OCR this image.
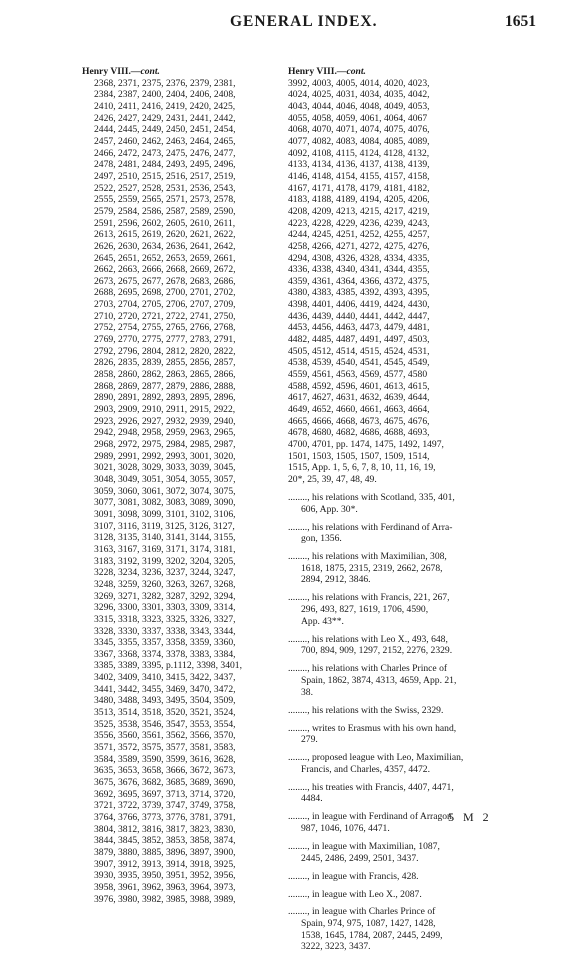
GENERAL INDEX.	1651
Henry VIII.—cont.
2368, 2371, 2375, 2376, 2379, 2381,
2384, 2387, 2400, 2404, 2406, 2408,
2410, 2411, 2416, 2419, 2420, 2425,
2426, 2427, 2429, 2431, 2441, 2442,
2444, 2445, 2449, 2450, 2451, 2454,
2457, 2460, 2462, 2463, 2464, 2465,
2466, 2472, 2473, 2475, 2476, 2477,
2478, 2481, 2484, 2493, 2495, 2496,
2497, 2510, 2515, 2516, 2517, 2519,
2522, 2527, 2528, 2531, 2536, 2543,
2555, 2559, 2565, 2571, 2573, 2578,
2579, 2584, 2586, 2587, 2589, 2590,
2591, 2596, 2602, 2605, 2610, 2611,
2613, 2615, 2619, 2620, 2621, 2622,
2626, 2630, 2634, 2636, 2641, 2642,
2645, 2651, 2652, 2653, 2659, 2661,
2662, 2663, 2666, 2668, 2669, 2672,
2673, 2675, 2677, 2678, 2683, 2686,
2688, 2695, 2698, 2700, 2701, 2702,
2703, 2704, 2705, 2706, 2707, 2709,
2710, 2720, 2721, 2722, 2741, 2750,
2752, 2754, 2755, 2765, 2766, 2768,
2769, 2770, 2775, 2777, 2783, 2791,
2792, 2796, 2804, 2812, 2820, 2822,
2826, 2835, 2839, 2855, 2856, 2857,
2858, 2860, 2862, 2863, 2865, 2866,
2868, 2869, 2877, 2879, 2886, 2888,
2890, 2891, 2892, 2893, 2895, 2896,
2903, 2909, 2910, 2911, 2915, 2922,
2923, 2926, 2927, 2932, 2939, 2940,
2942, 2948, 2958, 2959, 2963, 2965,
2968, 2972, 2975, 2984, 2985, 2987,
2989, 2991, 2992, 2993, 3001, 3020,
3021, 3028, 3029, 3033, 3039, 3045,
3048, 3049, 3051, 3054, 3055, 3057,
3059, 3060, 3061, 3072, 3074, 3075,
3077, 3081, 3082, 3083, 3089, 3090,
3091, 3098, 3099, 3101, 3102, 3106,
3107, 3116, 3119, 3125, 3126, 3127,
3128, 3135, 3140, 3141, 3144, 3155,
3163, 3167, 3169, 3171, 3174, 3181,
3183, 3192, 3199, 3202, 3204, 3205,
3228, 3234, 3236, 3237, 3244, 3247,
3248, 3259, 3260, 3263, 3267, 3268,
3269, 3271, 3282, 3287, 3292, 3294,
3296, 3300, 3301, 3303, 3309, 3314,
3315, 3318, 3323, 3325, 3326, 3327,
3328, 3330, 3337, 3338, 3343, 3344,
3345, 3355, 3357, 3358, 3359, 3360,
3367, 3368, 3374, 3378, 3383, 3384,
3385, 3389, 3395, p.1112, 3398, 3401,
3402, 3409, 3410, 3415, 3422, 3437,
3441, 3442, 3455, 3469, 3470, 3472,
3480, 3488, 3493, 3495, 3504, 3509,
3513, 3514, 3518, 3520, 3521, 3524,
3525, 3538, 3546, 3547, 3553, 3554,
3556, 3560, 3561, 3562, 3566, 3570,
3571, 3572, 3575, 3577, 3581, 3583,
3584, 3589, 3590, 3599, 3616, 3628,
3635, 3653, 3658, 3666, 3672, 3673,
3675, 3676, 3682, 3685, 3689, 3690,
3692, 3695, 3697, 3713, 3714, 3720,
3721, 3722, 3739, 3747, 3749, 3758,
3764, 3766, 3773, 3776, 3781, 3791,
3804, 3812, 3816, 3817, 3823, 3830,
3844, 3845, 3852, 3853, 3858, 3874,
3879, 3880, 3885, 3896, 3897, 3900,
3907, 3912, 3913, 3914, 3918, 3925,
3930, 3935, 3950, 3951, 3952, 3956,
3958, 3961, 3962, 3963, 3964, 3973,
3976, 3980, 3982, 3985, 3988, 3989,
Henry VIII.—cont.
3992, 4003, 4005, 4014, 4020, 4023,
4024, 4025, 4031, 4034, 4035, 4042,
4043, 4044, 4046, 4048, 4049, 4053,
4055, 4058, 4059, 4061, 4064, 4067
4068, 4070, 4071, 4074, 4075, 4076,
4077, 4082, 4083, 4084, 4085, 4089,
4092, 4108, 4115, 4124, 4128, 4132,
4133, 4134, 4136, 4137, 4138, 4139,
4146, 4148, 4154, 4155, 4157, 4158,
4167, 4171, 4178, 4179, 4181, 4182,
4183, 4188, 4189, 4194, 4205, 4206,
4208, 4209, 4213, 4215, 4217, 4219,
4223, 4228, 4229, 4236, 4239, 4243,
4244, 4245, 4251, 4252, 4255, 4257,
4258, 4266, 4271, 4272, 4275, 4276,
4294, 4308, 4326, 4328, 4334, 4335,
4336, 4338, 4340, 4341, 4344, 4355,
4359, 4361, 4364, 4366, 4372, 4375,
4380, 4383, 4385, 4392, 4393, 4395,
4398, 4401, 4406, 4419, 4424, 4430,
4436, 4439, 4440, 4441, 4442, 4447,
4453, 4456, 4463, 4473, 4479, 4481,
4482, 4485, 4487, 4491, 4497, 4503,
4505, 4512, 4514, 4515, 4524, 4531,
4538, 4539, 4540, 4541, 4545, 4549,
4559, 4561, 4563, 4569, 4577, 4580
4588, 4592, 4596, 4601, 4613, 4615,
4617, 4627, 4631, 4632, 4639, 4644,
4649, 4652, 4660, 4661, 4663, 4664,
4665, 4666, 4668, 4673, 4675, 4676,
4678, 4680, 4682, 4686, 4688, 4693,
4700, 4701, pp. 1474, 1475, 1492, 1497,
1501, 1503, 1505, 1507, 1509, 1514,
1515, App. 1, 5, 6, 7, 8, 10, 11, 16, 19,
20*, 25, 39, 47, 48, 49.
........, his relations with Scotland, 335, 401,
606, App. 30*.
........, his relations with Ferdinand of Arra-
gon, 1356.
........, his relations with Maximilian, 308,
1618, 1875, 2315, 2319, 2662, 2678,
2894, 2912, 3846.
........, his relations with Francis, 221, 267,
296, 493, 827, 1619, 1706, 4590,
App. 43**.
........, his relations with Leo X., 493, 648,
700, 894, 909, 1297, 2152, 2276, 2329.
........, his relations with Charles Prince of
Spain, 1862, 3874, 4313, 4659, App. 21,
38.
........, his relations with the Swiss, 2329.
........, writes to Erasmus with his own hand,
279.
........, proposed league with Leo, Maximilian,
Francis, and Charles, 4357, 4472.
........, his treaties with Francis, 4407, 4471,
4484.
........, in league with Ferdinand of Arragon,
987, 1046, 1076, 4471.
........, in league with Maximilian, 1087,
2445, 2486, 2499, 2501, 3437.
........, in league with Francis, 428.
........, in league with Leo X., 2087.
........, in league with Charles Prince of
Spain, 974, 975, 1087, 1427, 1428,
1538, 1645, 1784, 2087, 2445, 2499,
3222, 3223, 3437.
5 M 2
